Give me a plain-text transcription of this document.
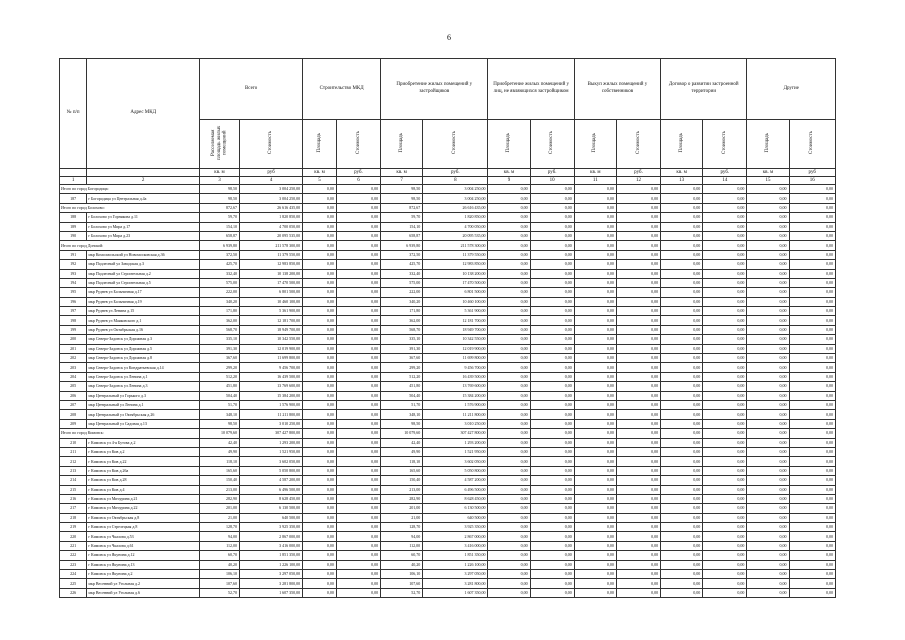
6
№ п/п	Адрес МКД	Всего		Строительство МКД		Приобретение жилых помещений у застройщиков		Приобретение жилых помещений у лиц, не являющихся застройщиком		Выкуп жилых помещений у собственников		Договор о развитии застроенной территории		Другие	
		Расселяемая площадь жилых помещений	Стоимость	Площадь	Стоимость	Площадь	Стоимость	Площадь	Стоимость	Площадь	Стоимость	Площадь	Стоимость	Площадь	Стоимость
		кв. м	руб	кв. м	руб.	кв. м	руб.	кв. м	руб.	кв. м	руб.	кв. м	руб.	кв. м	руб
1	2	3	4	5	6	7	8	9	10	11	12	13	14	15	16
Итого по город Богородица:		98,50	3 004 250,00	0,00	0,00	98,50	3 004 250,00	0,00	0,00	0,00	0,00	0,00	0,00	0,00	0,00
187	г Богородица ул Центральная д.4а	98,50	3 004 250,00	0,00	0,00	98,50	3 004 250,00	0,00	0,00	0,00	0,00	0,00	0,00	0,00	0,00
Итого по город Болохово:		872,67	26 616 435,00	0,00	0,00	872,67	26 616 435,00	0,00	0,00	0,00	0,00	0,00	0,00	0,00	0,00
188	г Болохово ул Горнякова д.11	59,70	1 820 850,00	0,00	0,00	59,70	1 820 850,00	0,00	0,00	0,00	0,00	0,00	0,00	0,00	0,00
189	г Болохово ул Мира д.17	154,10	4 700 050,00	0,00	0,00	154,10	4 700 050,00	0,00	0,00	0,00	0,00	0,00	0,00	0,00	0,00
190	г Болохово ул Мира д.23	658,87	20 095 535,00	0,00	0,00	658,87	20 095 535,00	0,00	0,00	0,00	0,00	0,00	0,00	0,00	0,00
Итого по город Донской:		6 939,80	211 578 300,00	0,00	0,00	6 939,80	211 578 300,00	0,00	0,00	0,00	0,00	0,00	0,00	0,00	0,00
191	мкр Комсомольский ул Новомосковская д.36	372,50	11 379 550,00	0,00	0,00	372,50	11 379 550,00	0,00	0,00	0,00	0,00	0,00	0,00	0,00	0,00
192	мкр Подлесный ул Заводская д.3	425,70	12 983 850,00	0,00	0,00	425,70	12 983 850,00	0,00	0,00	0,00	0,00	0,00	0,00	0,00	0,00
193	мкр Подлесный ул Строительная д.2	332,40	10 138 200,00	0,00	0,00	332,40	10 138 200,00	0,00	0,00	0,00	0,00	0,00	0,00	0,00	0,00
194	мкр Подлесный ул Строительная д.5	575,00	17 470 500,00	0,00	0,00	575,00	17 470 500,00	0,00	0,00	0,00	0,00	0,00	0,00	0,00	0,00
195	мкр Руднев ул Больничная д.17	222,00	6 801 500,00	0,00	0,00	222,00	6 801 500,00	0,00	0,00	0,00	0,00	0,00	0,00	0,00	0,00
196	мкр Руднев ул Больничная д.19	340,20	10 460 100,00	0,00	0,00	340,20	10 460 100,00	0,00	0,00	0,00	0,00	0,00	0,00	0,00	0,00
197	мкр Руднев ул Ленина д.15	171,80	5 361 900,00	0,00	0,00	171,80	5 361 900,00	0,00	0,00	0,00	0,00	0,00	0,00	0,00	0,00
198	мкр Руднев ул Маяковского д.1	362,00	12 181 700,00	0,00	0,00	362,00	12 181 700,00	0,00	0,00	0,00	0,00	0,00	0,00	0,00	0,00
199	мкр Руднев ул Октябрьская д.16	568,70	18 949 700,00	0,00	0,00	568,70	18 949 700,00	0,00	0,00	0,00	0,00	0,00	0,00	0,00	0,00
200	мкр Северо-Задонск ул Дорожная д.3	335,10	10 342 550,00	0,00	0,00	335,10	10 342 550,00	0,00	0,00	0,00	0,00	0,00	0,00	0,00	0,00
201	мкр Северо-Задонск ул Дорожная д.5	391,30	12 019 900,00	0,00	0,00	391,30	12 019 900,00	0,00	0,00	0,00	0,00	0,00	0,00	0,00	0,00
202	мкр Северо-Задонск ул Дорожная д.8	367,60	11 699 800,00	0,00	0,00	367,60	11 699 800,00	0,00	0,00	0,00	0,00	0,00	0,00	0,00	0,00
203	мкр Северо-Задонск ул Кондратьевская д.14	299,20	9 456 700,00	0,00	0,00	299,20	9 456 700,00	0,00	0,00	0,00	0,00	0,00	0,00	0,00	0,00
204	мкр Северо-Задонск ул Ленина д.1	512,20	16 439 500,00	0,00	0,00	512,20	16 439 500,00	0,00	0,00	0,00	0,00	0,00	0,00	0,00	0,00
205	мкр Северо-Задонск ул Ленина д.3	451,80	13 769 600,00	0,00	0,00	451,80	13 769 600,00	0,00	0,00	0,00	0,00	0,00	0,00	0,00	0,00
206	мкр Центральный ул Горького д.3	504,40	15 384 200,00	0,00	0,00	504,40	15 384 200,00	0,00	0,00	0,00	0,00	0,00	0,00	0,00	0,00
207	мкр Центральный ул Ленина д.1	51,70	1 576 900,00	0,00	0,00	51,70	1 576 900,00	0,00	0,00	0,00	0,00	0,00	0,00	0,00	0,00
208	мкр Центральный ул Октябрьская д.26	348,10	11 211 800,00	0,00	0,00	348,10	11 211 800,00	0,00	0,00	0,00	0,00	0,00	0,00	0,00	0,00
209	мкр Центральный ул Садовая д.13	98,50	3 010 250,00	0,00	0,00	98,50	3 010 250,00	0,00	0,00	0,00	0,00	0,00	0,00	0,00	0,00
Итого по город Кимовск:		10 079,60	307 427 800,00	0,00	0,00	10 079,60	307 427 800,00	0,00	0,00	0,00	0,00	0,00	0,00	0,00	0,00
210	г Кимовск ул 4-я Бутова д.2	42,40	1 293 200,00	0,00	0,00	42,40	1 293 200,00	0,00	0,00	0,00	0,00	0,00	0,00	0,00	0,00
211	г Кимовск ул Кив д.2	49,90	1 521 950,00	0,00	0,00	49,90	1 521 950,00	0,00	0,00	0,00	0,00	0,00	0,00	0,00	0,00
212	г Кимовск ул Кив д.22	118,10	3 602 050,00	0,00	0,00	118,10	3 602 050,00	0,00	0,00	0,00	0,00	0,00	0,00	0,00	0,00
213	г Кимовск ул Кив д.26а	165,60	5 050 800,00	0,00	0,00	165,60	5 050 800,00	0,00	0,00	0,00	0,00	0,00	0,00	0,00	0,00
214	г Кимовск ул Кив д.28	150,40	4 587 200,00	0,00	0,00	150,40	4 587 200,00	0,00	0,00	0,00	0,00	0,00	0,00	0,00	0,00
215	г Кимовск ул Кив д.4	213,00	6 496 500,00	0,00	0,00	213,00	6 496 500,00	0,00	0,00	0,00	0,00	0,00	0,00	0,00	0,00
216	г Кимовск ул Мичурина д.21	282,90	8 628 450,00	0,00	0,00	282,90	8 628 450,00	0,00	0,00	0,00	0,00	0,00	0,00	0,00	0,00
217	г Кимовск ул Мичурина д.22	201,00	6 130 500,00	0,00	0,00	201,00	6 130 500,00	0,00	0,00	0,00	0,00	0,00	0,00	0,00	0,00
218	г Кимовск ул Октябрьская д.8	21,00	640 500,00	0,00	0,00	21,00	640 500,00	0,00	0,00	0,00	0,00	0,00	0,00	0,00	0,00
219	г Кимовск ул Стрелецкая д.8	128,70	3 925 350,00	0,00	0,00	128,70	3 925 350,00	0,00	0,00	0,00	0,00	0,00	0,00	0,00	0,00
220	г Кимовск ул Чкалова д.53	94,00	2 867 000,00	0,00	0,00	94,00	2 867 000,00	0,00	0,00	0,00	0,00	0,00	0,00	0,00	0,00
221	г Кимовск ул Чкалова д.61	112,00	3 416 000,00	0,00	0,00	112,00	3 416 000,00	0,00	0,00	0,00	0,00	0,00	0,00	0,00	0,00
222	г Кимовск ул Якунина д.12	60,70	1 851 350,00	0,00	0,00	60,70	1 851 350,00	0,00	0,00	0,00	0,00	0,00	0,00	0,00	0,00
223	г Кимовск ул Якунина д.13	40,20	1 226 100,00	0,00	0,00	40,20	1 226 100,00	0,00	0,00	0,00	0,00	0,00	0,00	0,00	0,00
224	г Кимовск ул Якунина д.2	106,10	3 297 050,00	0,00	0,00	106,10	3 297 050,00	0,00	0,00	0,00	0,00	0,00	0,00	0,00	0,00
225	мкр Весенний ул Угольная д.2	107,60	3 281 800,00	0,00	0,00	107,60	3 281 800,00	0,00	0,00	0,00	0,00	0,00	0,00	0,00	0,00
226	мкр Весенний ул Угольная д.6	52,70	1 607 350,00	0,00	0,00	52,70	1 607 350,00	0,00	0,00	0,00	0,00	0,00	0,00	0,00	0,00
